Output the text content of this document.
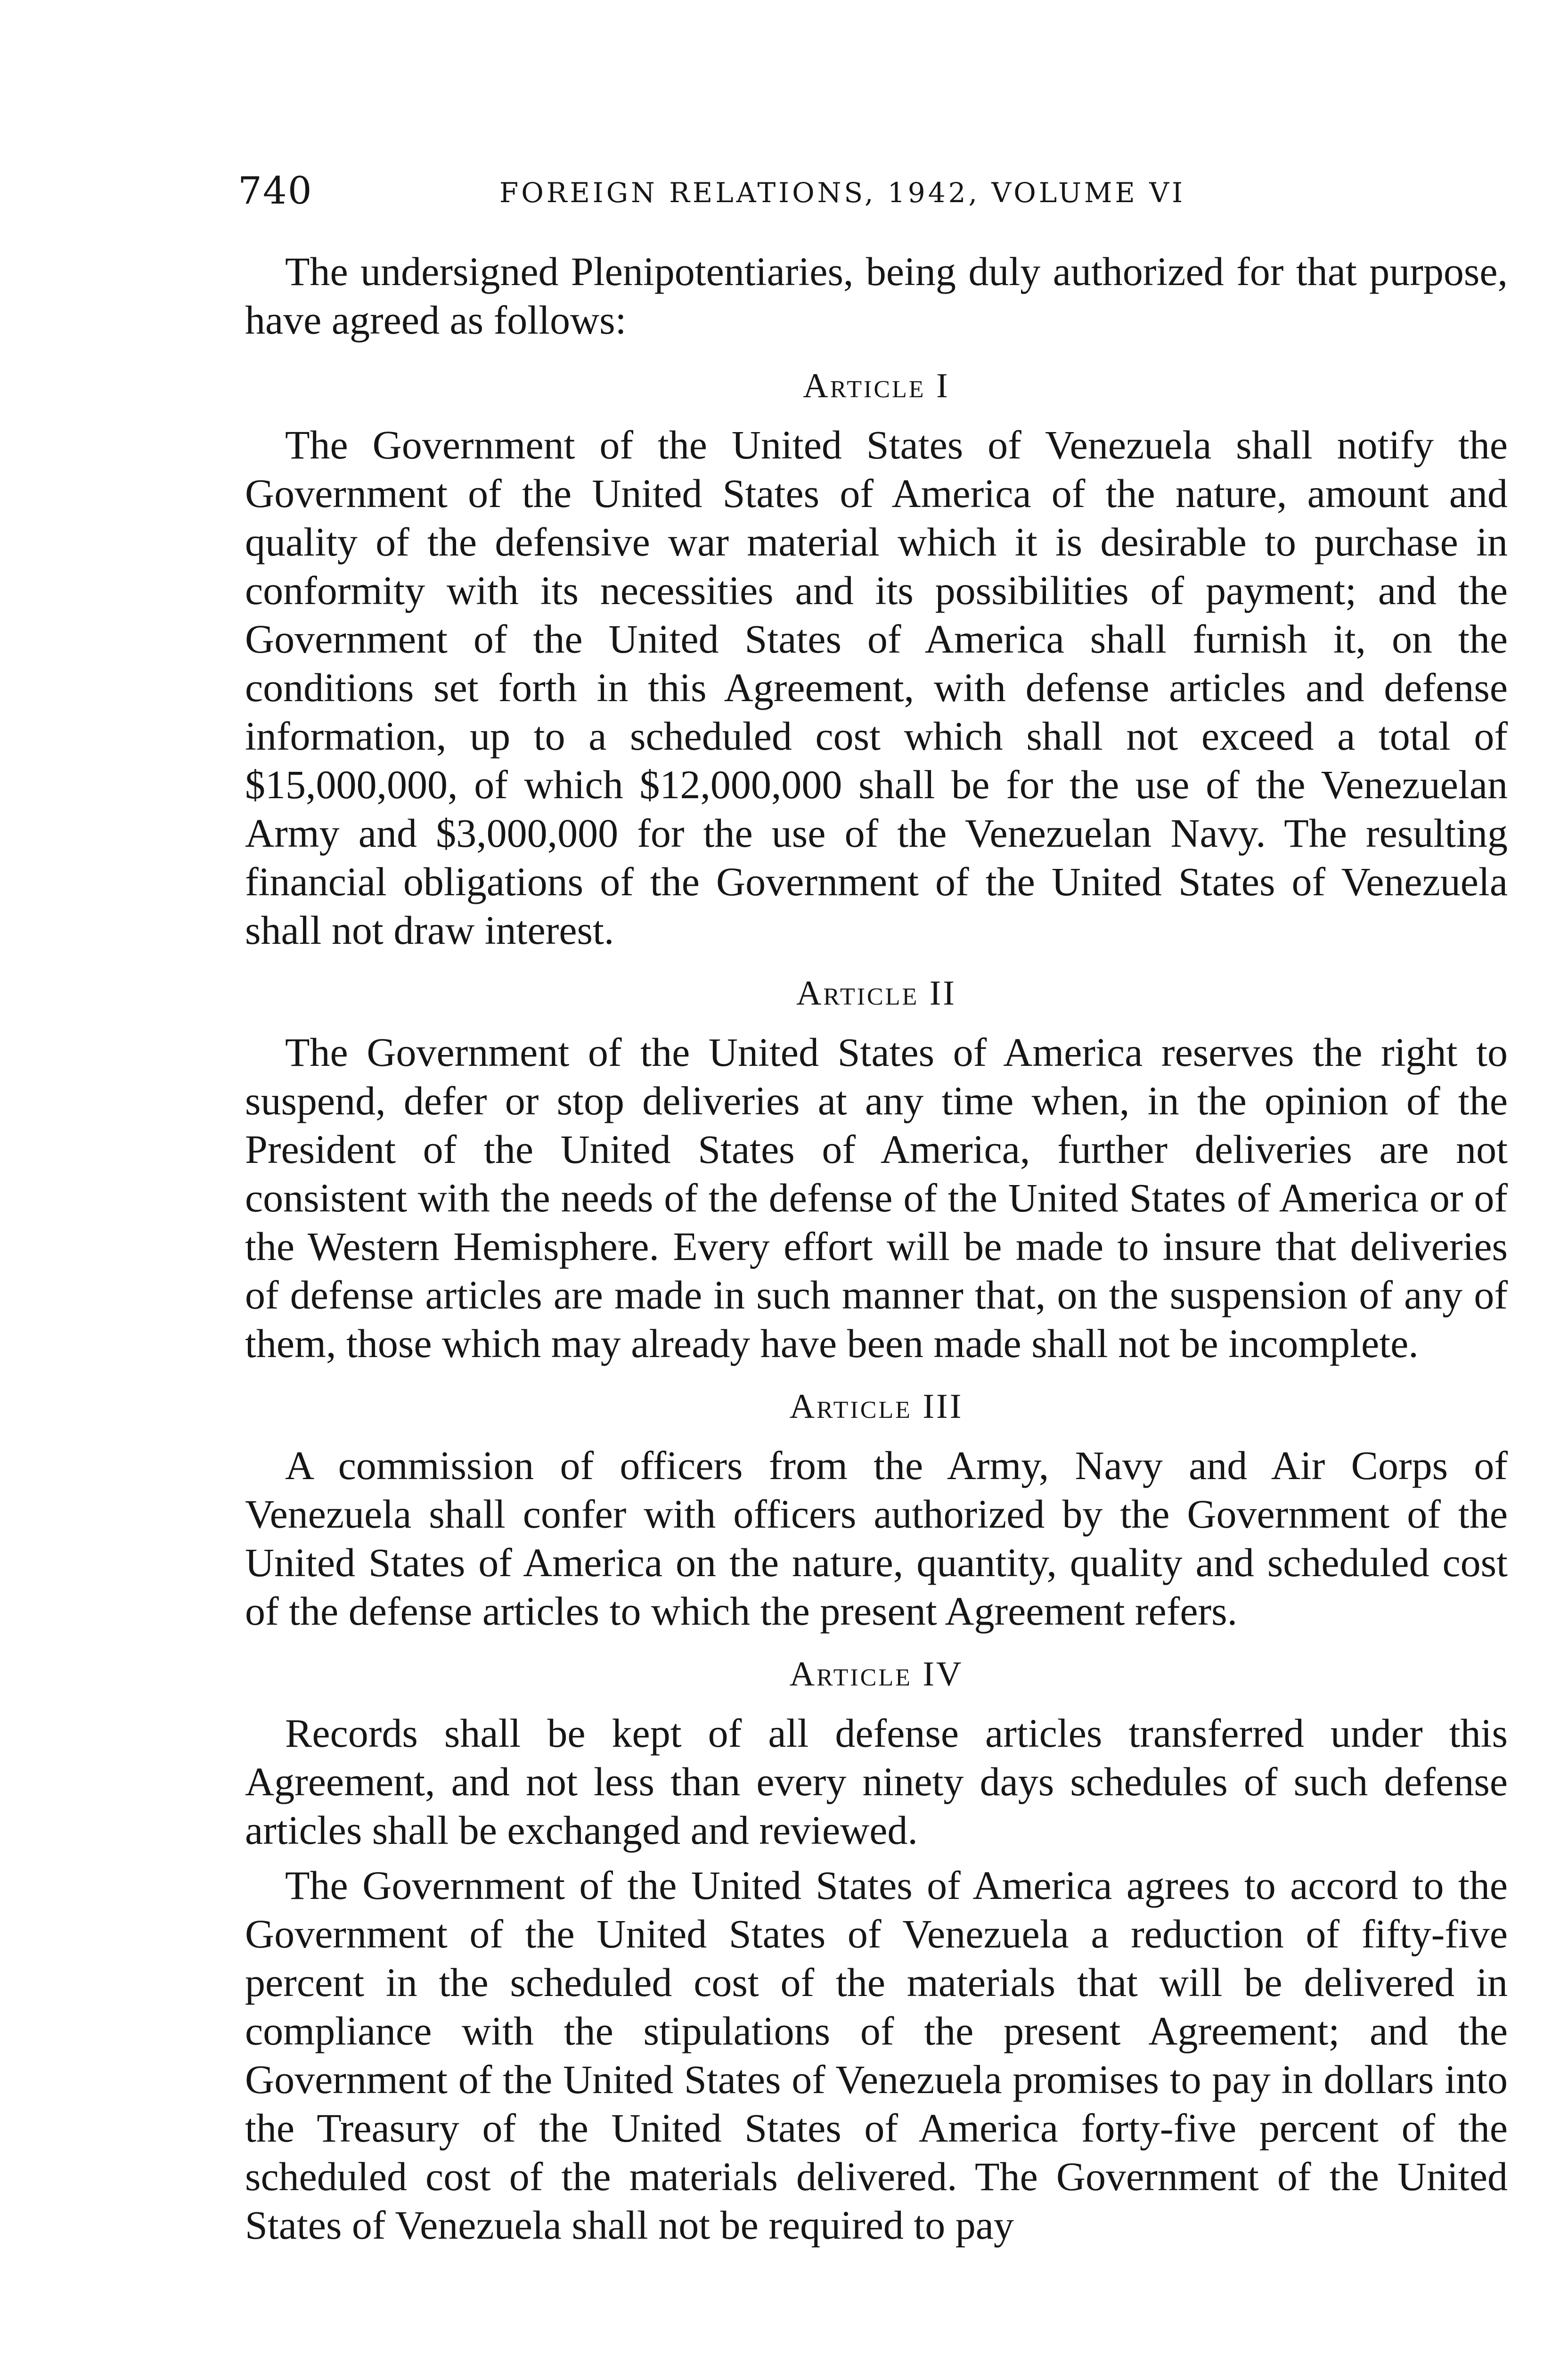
740	FOREIGN RELATIONS, 1942, VOLUME VI

The undersigned Plenipotentiaries, being duly authorized for that purpose, have agreed as follows:

Article I

The Government of the United States of Venezuela shall notify the Government of the United States of America of the nature, amount and quality of the defensive war material which it is desirable to purchase in conformity with its necessities and its possibilities of payment; and the Government of the United States of America shall furnish it, on the conditions set forth in this Agreement, with defense articles and defense information, up to a scheduled cost which shall not exceed a total of $15,000,000, of which $12,000,000 shall be for the use of the Venezuelan Army and $3,000,000 for the use of the Venezuelan Navy. The resulting financial obligations of the Government of the United States of Venezuela shall not draw interest.

Article II

The Government of the United States of America reserves the right to suspend, defer or stop deliveries at any time when, in the opinion of the President of the United States of America, further deliveries are not consistent with the needs of the defense of the United States of America or of the Western Hemisphere. Every effort will be made to insure that deliveries of defense articles are made in such manner that, on the suspension of any of them, those which may already have been made shall not be incomplete.

Article III

A commission of officers from the Army, Navy and Air Corps of Venezuela shall confer with officers authorized by the Government of the United States of America on the nature, quantity, quality and scheduled cost of the defense articles to which the present Agreement refers.

Article IV

Records shall be kept of all defense articles transferred under this Agreement, and not less than every ninety days schedules of such defense articles shall be exchanged and reviewed.

The Government of the United States of America agrees to accord to the Government of the United States of Venezuela a reduction of fifty-five percent in the scheduled cost of the materials that will be delivered in compliance with the stipulations of the present Agreement; and the Government of the United States of Venezuela promises to pay in dollars into the Treasury of the United States of America forty-five percent of the scheduled cost of the materials delivered. The Government of the United States of Venezuela shall not be required to pay
